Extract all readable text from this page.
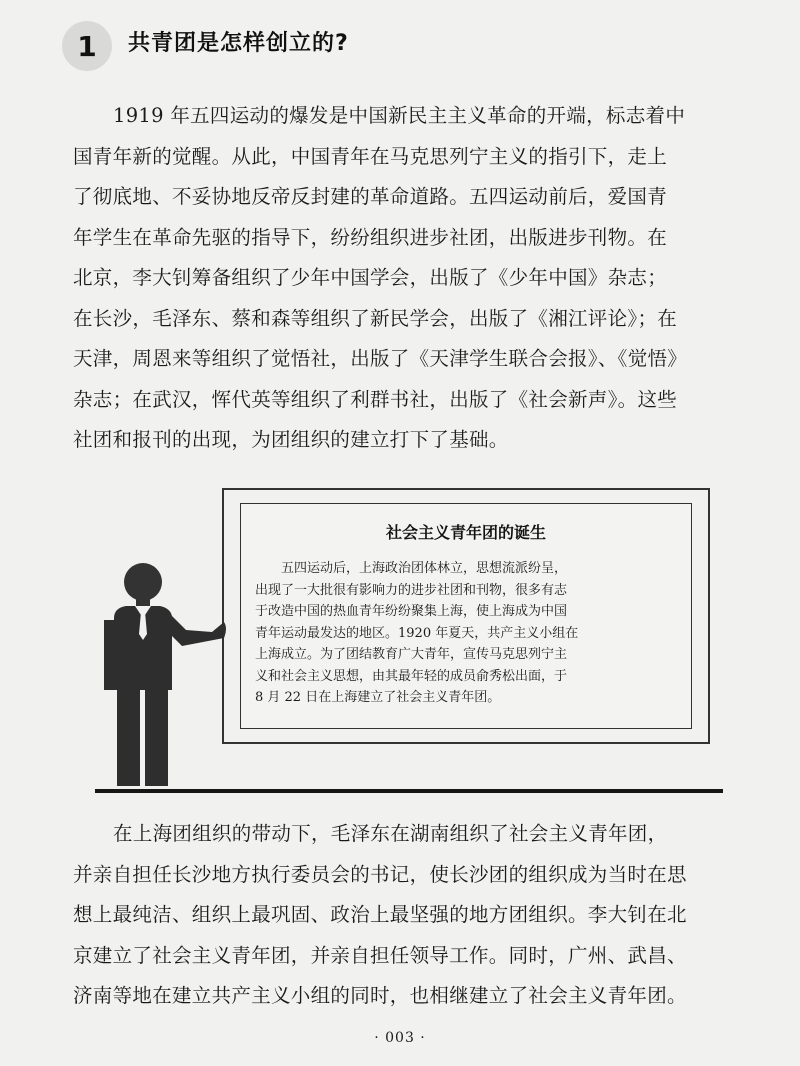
1 共青团是怎样创立的?
1919 年五四运动的爆发是中国新民主主义革命的开端，标志着中
国青年新的觉醒。从此，中国青年在马克思列宁主义的指引下，走上
了彻底地、不妥协地反帝反封建的革命道路。五四运动前后，爱国青
年学生在革命先驱的指导下，纷纷组织进步社团，出版进步刊物。在
北京，李大钊筹备组织了少年中国学会，出版了《少年中国》杂志；
在长沙，毛泽东、蔡和森等组织了新民学会，出版了《湘江评论》；在
天津，周恩来等组织了觉悟社，出版了《天津学生联合会报》、《觉悟》
杂志；在武汉，恽代英等组织了利群书社，出版了《社会新声》。这些
社团和报刊的出现，为团组织的建立打下了基础。
社会主义青年团的诞生
五四运动后，上海政治团体林立，思想流派纷呈，
出现了一大批很有影响力的进步社团和刊物，很多有志
于改造中国的热血青年纷纷聚集上海，使上海成为中国
青年运动最发达的地区。1920 年夏天，共产主义小组在
上海成立。为了团结教育广大青年，宣传马克思列宁主
义和社会主义思想，由其最年轻的成员俞秀松出面，于
8 月 22 日在上海建立了社会主义青年团。
在上海团组织的带动下，毛泽东在湖南组织了社会主义青年团，
并亲自担任长沙地方执行委员会的书记，使长沙团的组织成为当时在思
想上最纯洁、组织上最巩固、政治上最坚强的地方团组织。李大钊在北
京建立了社会主义青年团，并亲自担任领导工作。同时，广州、武昌、
济南等地在建立共产主义小组的同时，也相继建立了社会主义青年团。
· 003 ·
